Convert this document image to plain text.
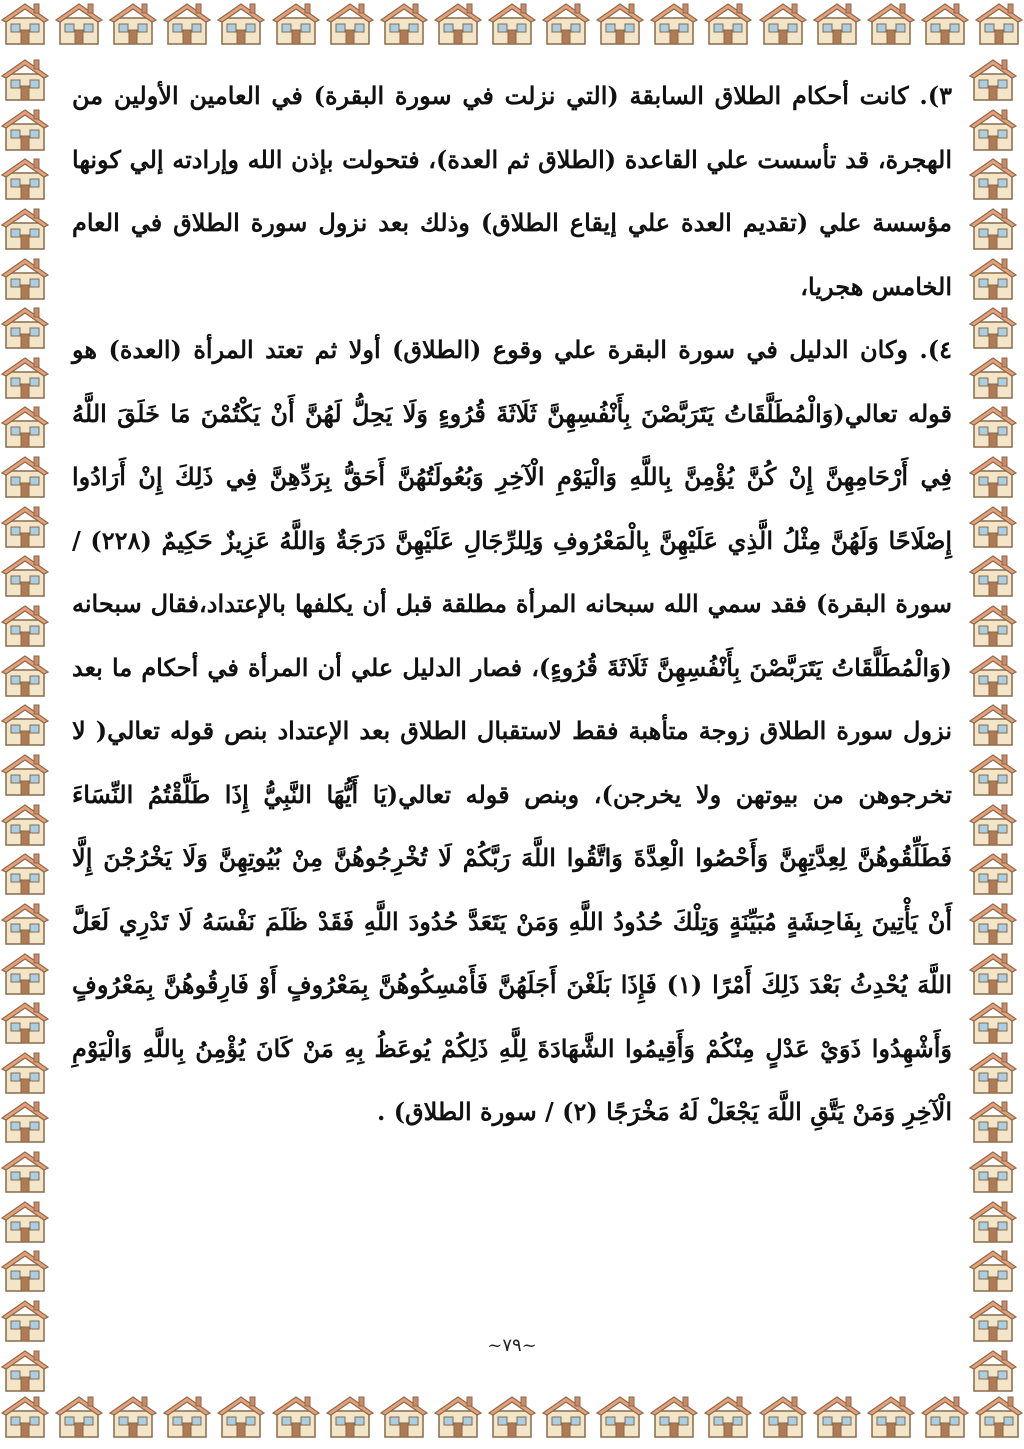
٣). كانت أحكام الطلاق السابقة (التي نزلت في سورة البقرة) في العامين الأولين من الهجرة، قد تأسست علي القاعدة (الطلاق ثم العدة)، فتحولت بإذن الله وإرادته إلي كونها مؤسسة علي (تقديم العدة علي إيقاع الطلاق) وذلك بعد نزول سورة الطلاق في العام الخامس هجريا،

٤). وكان الدليل في سورة البقرة علي وقوع (الطلاق) أولا ثم تعتد المرأة (العدة) هو قوله تعالي(وَالْمُطَلَّقَاتُ يَتَرَبَّصْنَ بِأَنْفُسِهِنَّ ثَلَاثَةَ قُرُوءٍ وَلَا يَحِلُّ لَهُنَّ أَنْ يَكْتُمْنَ مَا خَلَقَ اللَّهُ فِي أَرْحَامِهِنَّ إِنْ كُنَّ يُؤْمِنَّ بِاللَّهِ وَالْيَوْمِ الْآخِرِ وَبُعُولَتُهُنَّ أَحَقُّ بِرَدِّهِنَّ فِي ذَلِكَ إِنْ أَرَادُوا إِصْلَاحًا وَلَهُنَّ مِثْلُ الَّذِي عَلَيْهِنَّ بِالْمَعْرُوفِ وَلِلرِّجَالِ عَلَيْهِنَّ دَرَجَةٌ وَاللَّهُ عَزِيزٌ حَكِيمٌ (٢٢٨) / سورة البقرة) فقد سمي الله سبحانه المرأة مطلقة قبل أن يكلفها بالإعتداد،فقال سبحانه (وَالْمُطَلَّقَاتُ يَتَرَبَّصْنَ بِأَنْفُسِهِنَّ ثَلَاثَةَ قُرُوءٍ)، فصار الدليل علي أن المرأة في أحكام ما بعد نزول سورة الطلاق زوجة متأهبة فقط لاستقبال الطلاق بعد الإعتداد بنص قوله تعالي( لا تخرجوهن من بيوتهن ولا يخرجن)، وبنص قوله تعالي(يَا أَيُّهَا النَّبِيُّ إِذَا طَلَّقْتُمُ النِّسَاءَ فَطَلِّقُوهُنَّ لِعِدَّتِهِنَّ وَأَحْصُوا الْعِدَّةَ وَاتَّقُوا اللَّهَ رَبَّكُمْ لَا تُخْرِجُوهُنَّ مِنْ بُيُوتِهِنَّ وَلَا يَخْرُجْنَ إِلَّا أَنْ يَأْتِينَ بِفَاحِشَةٍ مُبَيِّنَةٍ وَتِلْكَ حُدُودُ اللَّهِ وَمَنْ يَتَعَدَّ حُدُودَ اللَّهِ فَقَدْ ظَلَمَ نَفْسَهُ لَا تَدْرِي لَعَلَّ اللَّهَ يُحْدِثُ بَعْدَ ذَلِكَ أَمْرًا (١) فَإِذَا بَلَغْنَ أَجَلَهُنَّ فَأَمْسِكُوهُنَّ بِمَعْرُوفٍ أَوْ فَارِقُوهُنَّ بِمَعْرُوفٍ وَأَشْهِدُوا ذَوَيْ عَدْلٍ مِنْكُمْ وَأَقِيمُوا الشَّهَادَةَ لِلَّهِ ذَلِكُمْ يُوعَظُ بِهِ مَنْ كَانَ يُؤْمِنُ بِاللَّهِ وَالْيَوْمِ الْآخِرِ وَمَنْ يَتَّقِ اللَّهَ يَجْعَلْ لَهُ مَخْرَجًا (٢) / سورة الطلاق) .

~٧٩~
